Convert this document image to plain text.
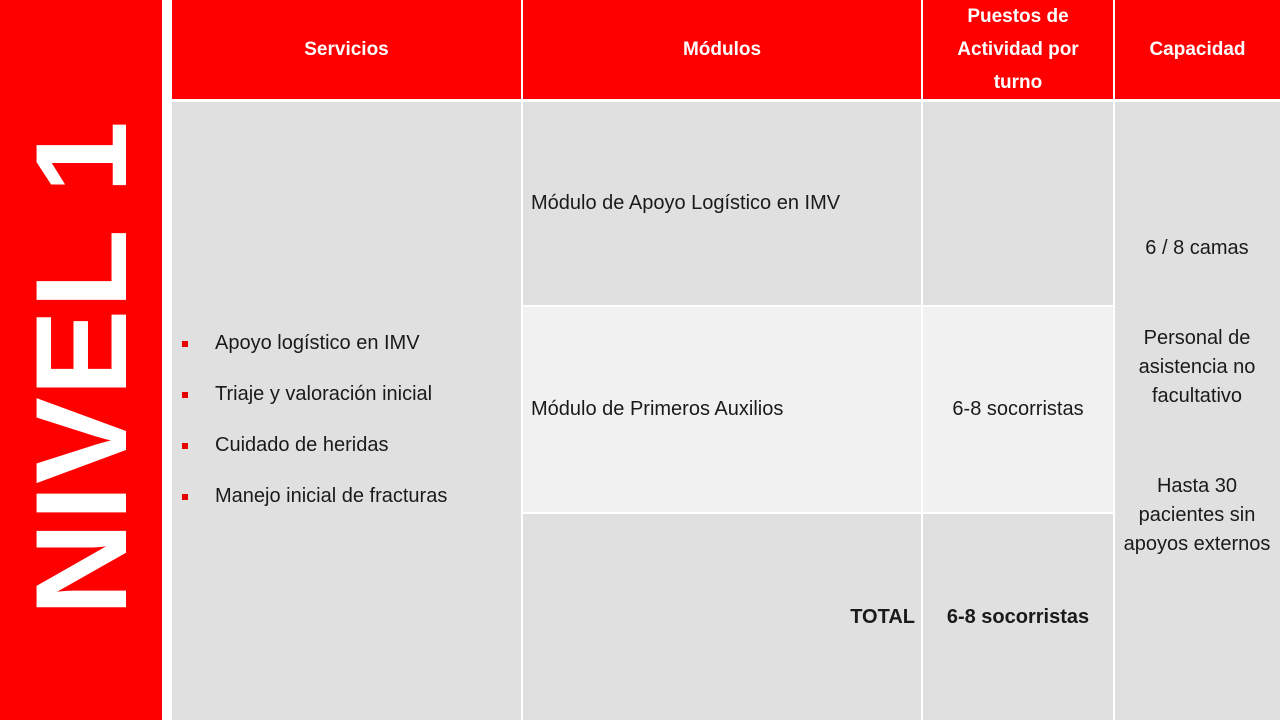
NIVEL 1
Servicios	Módulos
Puestos de Actividad por turno
Capacidad
Apoyo logístico en IMV
Triaje y valoración inicial
Cuidado de heridas
Manejo inicial de fracturas
Módulo de Apoyo Logístico en IMV
Módulo de Primeros Auxilios	6-8 socorristas
TOTAL 6-8 socorristas
6 / 8 camas
Personal de asistencia no facultativo
Hasta 30 pacientes sin apoyos externos
